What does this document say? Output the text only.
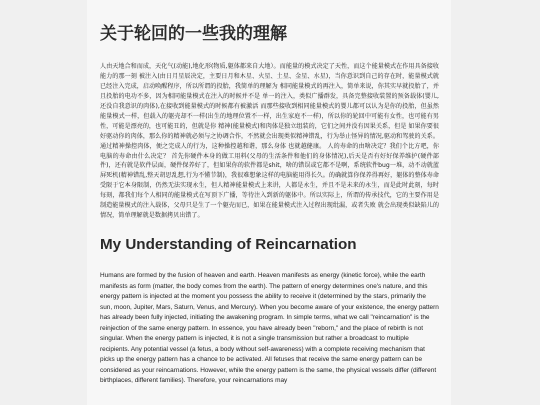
关于轮回的一些我的理解

人由天地合和而成，天化气(动能),地化形(物质,躯体都来自大地）。而能量的模式决定了天性，而这个能量模式在作用具备接收能力的那一刻 被注入(由日月星辰决定，主要日月和木星、火星、土星、金星、水星)，当你意识到自己的存在时，能量模式就已经注入完成，启动唤醒程序，所以所谓的投胎，我简单的理解为 相同能量模式的再注入，简单来说，你其实早就投胎了，并且投胎的电功不多，因为相同能量模式在注入的时候并不是 单一的注入，类似广播群发，具备完整接收装置的预备载体(婴儿,还没自我意识的肉体),在接收到能量模式的时候都有被激活 而那些接收到相同能量模式的婴儿都可以认为是你的投胎，但虽然能量模式一样，但载入的躯壳却不一样(出生的地理位置不一样，出生家庭不一样)，所以你的轮回中可能有女性，也可能有男性，可能是漂亮的，也可能丑的，但就是你 精神(能量模式)和肉体是独立组装的，它们之间并没有因果关系，但是 如果你要很好驱动你的肉体，那么你的精神就必须与之协调合作，不然就会出现类似精神错乱，行为举止怪异的情况,驱动和驾驶的关系。 通过精神操控肉体，便之完成人的行为，这种操控越和谐，那么身体 也就越健康。 人的寿命的由啥决定？我们个比方吧，你电脑的寿命由什么决定？ 首先你硬件本身的做工用料(父母的生活条件和他们的身体情况),后天是否有好好保养维护(硬件部件)，还有就是软件层面，硬件保养好了，但如果你的软件都是shit，啥的错误或它都不是啊，系统软件bug一堆，动不动就蓝屏死机(精神错乱,整天胡思乱想,行为不懂节制)，我很难想象这样的电脑能用得长久。的确就算你保养得再好，躯体的整体寿命受限于它本身限制，仍然无法实现永生，但人精神能量模式上来讲，人都是永生，并且不是未来的永生，而是此时此刻，每时每刻，都我们每个人相同的能量模式在写顶下广播，等待注入到新的躯体中。所以实际上，所谓的传承技代，它的主要作用是制造能量模式的注入载体，父母只是生了一个躯壳而已，如果在能量模式注入过程出现纰漏，或者失败 就会出现类似缺陷儿的情况，简单理解就是数据拷贝出错了。

My Understanding of Reincarnation

Humans are formed by the fusion of heaven and earth. Heaven manifests as energy (kinetic force), while the earth manifests as form (matter, the body comes from the earth). The pattern of energy determines one's nature, and this energy pattern is injected at the moment you possess the ability to receive it (determined by the stars, primarily the sun, moon, Jupiter, Mars, Saturn, Venus, and Mercury). When you become aware of your existence, the energy pattern has already been fully injected, initiating the awakening program. In simple terms, what we call "reincarnation" is the reinjection of the same energy pattern. In essence, you have already been "reborn," and the place of rebirth is not singular. When the energy pattern is injected, it is not a single transmission but rather a broadcast to multiple recipients. Any potential vessel (a fetus, a body without self-awareness) with a complete receiving mechanism that picks up the energy pattern has a chance to be activated. All fetuses that receive the same energy pattern can be considered as your reincarnations. However, while the energy pattern is the same, the physical vessels differ (different birthplaces, different families). Therefore, your reincarnations may
